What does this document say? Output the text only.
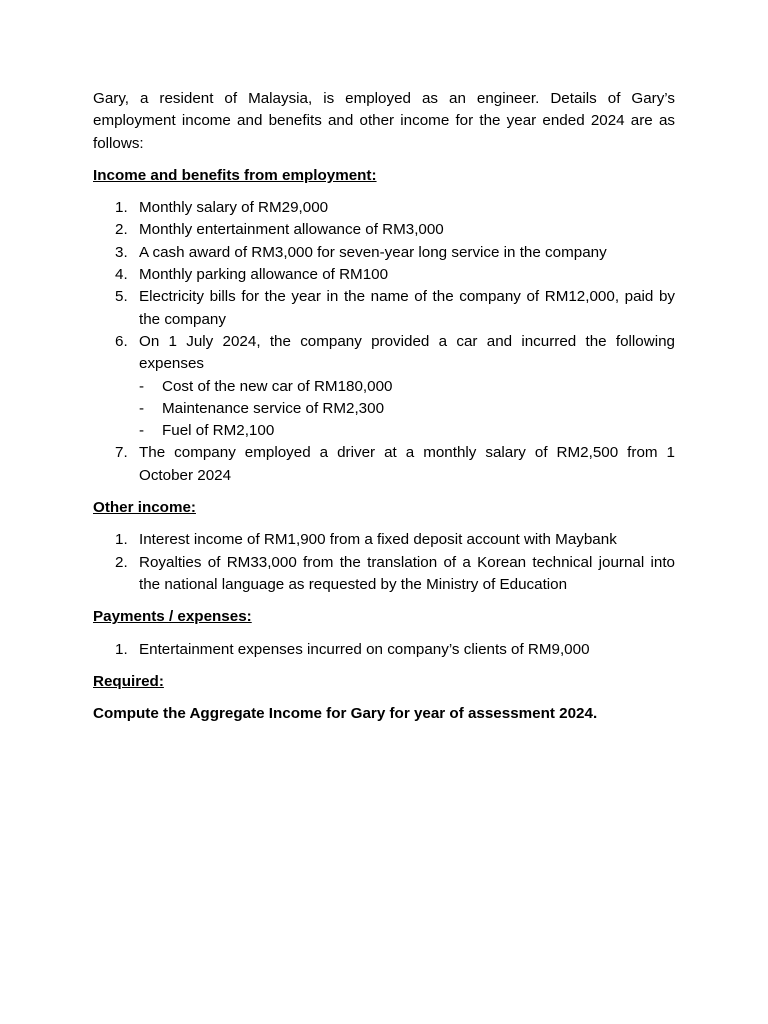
Gary, a resident of Malaysia, is employed as an engineer. Details of Gary’s employment income and benefits and other income for the year ended 2024 are as follows:

Income and benefits from employment:

1. Monthly salary of RM29,000
2. Monthly entertainment allowance of RM3,000
3. A cash award of RM3,000 for seven-year long service in the company
4. Monthly parking allowance of RM100
5. Electricity bills for the year in the name of the company of RM12,000, paid by the company
6. On 1 July 2024, the company provided a car and incurred the following expenses
- Cost of the new car of RM180,000
- Maintenance service of RM2,300
- Fuel of RM2,100
7. The company employed a driver at a monthly salary of RM2,500 from 1 October 2024

Other income:

1. Interest income of RM1,900 from a fixed deposit account with Maybank
2. Royalties of RM33,000 from the translation of a Korean technical journal into the national language as requested by the Ministry of Education

Payments / expenses:

1. Entertainment expenses incurred on company’s clients of RM9,000

Required:

Compute the Aggregate Income for Gary for year of assessment 2024.
